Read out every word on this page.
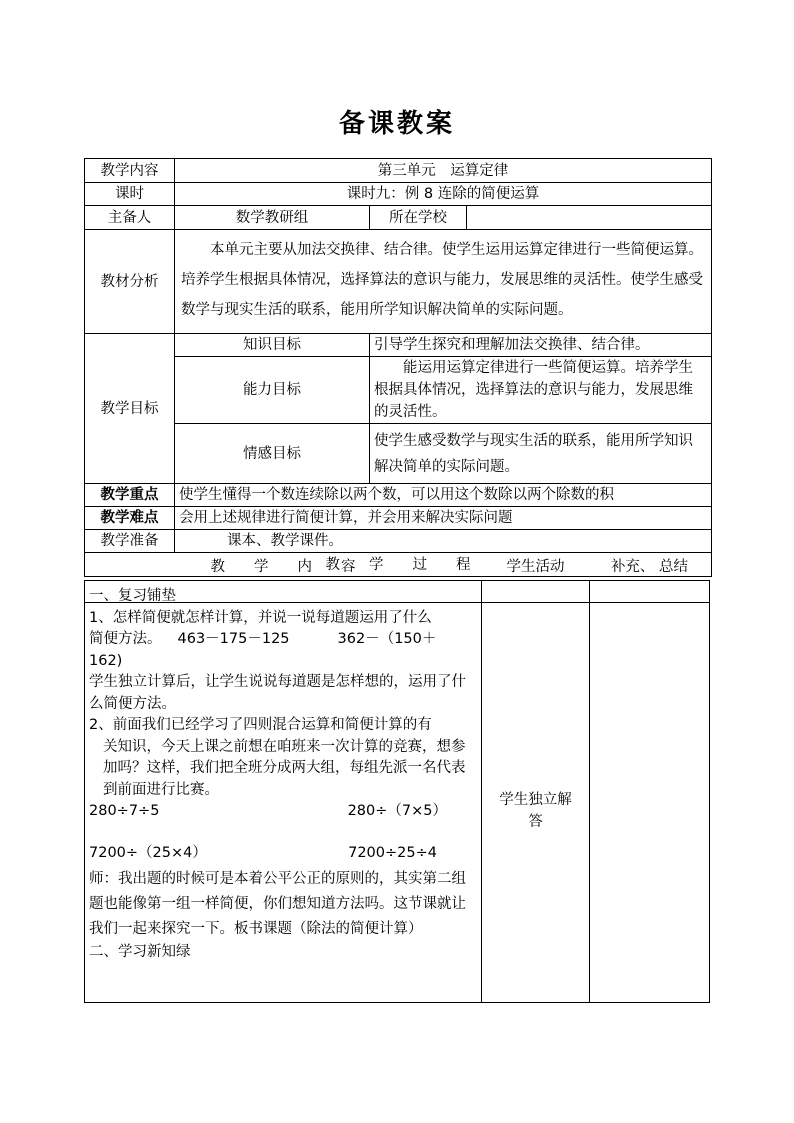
备课教案
教学内容	第三单元　运算定律		
课时	课时九：例 8 连除的简便运算		
主备人	数学教研组	所在学校	
教材分析	本单元主要从加法交换律、结合律。使学生运用运算定律进行一些简便运算。培养学生根据具体情况，选择算法的意识与能力，发展思维的灵活性。使学生感受数学与现实生活的联系，能用所学知识解决简单的实际问题。		
教学目标	知识目标	引导学生探究和理解加法交换律、结合律。	
	能力目标	能运用运算定律进行一些简便运算。培养学生根据具体情况，选择算法的意识与能力，发展思维的灵活性。	
	情感目标	使学生感受数学与现实生活的联系，能用所学知识解决简单的实际问题。	
教学重点	使学生懂得一个数连续除以两个数，可以用这个数除以两个除数的积		
教学难点	会用上述规律进行简便计算，并会用来解决实际问题		
教学准备	课本、教学课件。		
教　　学　　过　　程			
教　　学　　内　　容	学生活动	补充、 总结

一、复习铺垫

1、怎样简便就怎样计算，并说一说每道题运用了什么

简便方法。 463－175－125	362－（150＋

162)

学生独立计算后，让学生说说每道题是怎样想的，运用了什么简便方法。

2、前面我们已经学习了四则混合运算和简便计算的有

关知识，今天上课之前想在咱班来一次计算的竞赛，想参加吗？这样，我们把全班分成两大组，每组先派一名代表到前面进行比赛。

280÷7÷5	280÷（7×5）

7200÷（25×4）	7200÷25÷4

师：我出题的时候可是本着公平公正的原则的，其实第二组题也能像第一组一样简便，你们想知道方法吗。这节课就让我们一起来探究一下。板书课题（除法的简便计算）

二、学习新知绿

	学生独立解答	
